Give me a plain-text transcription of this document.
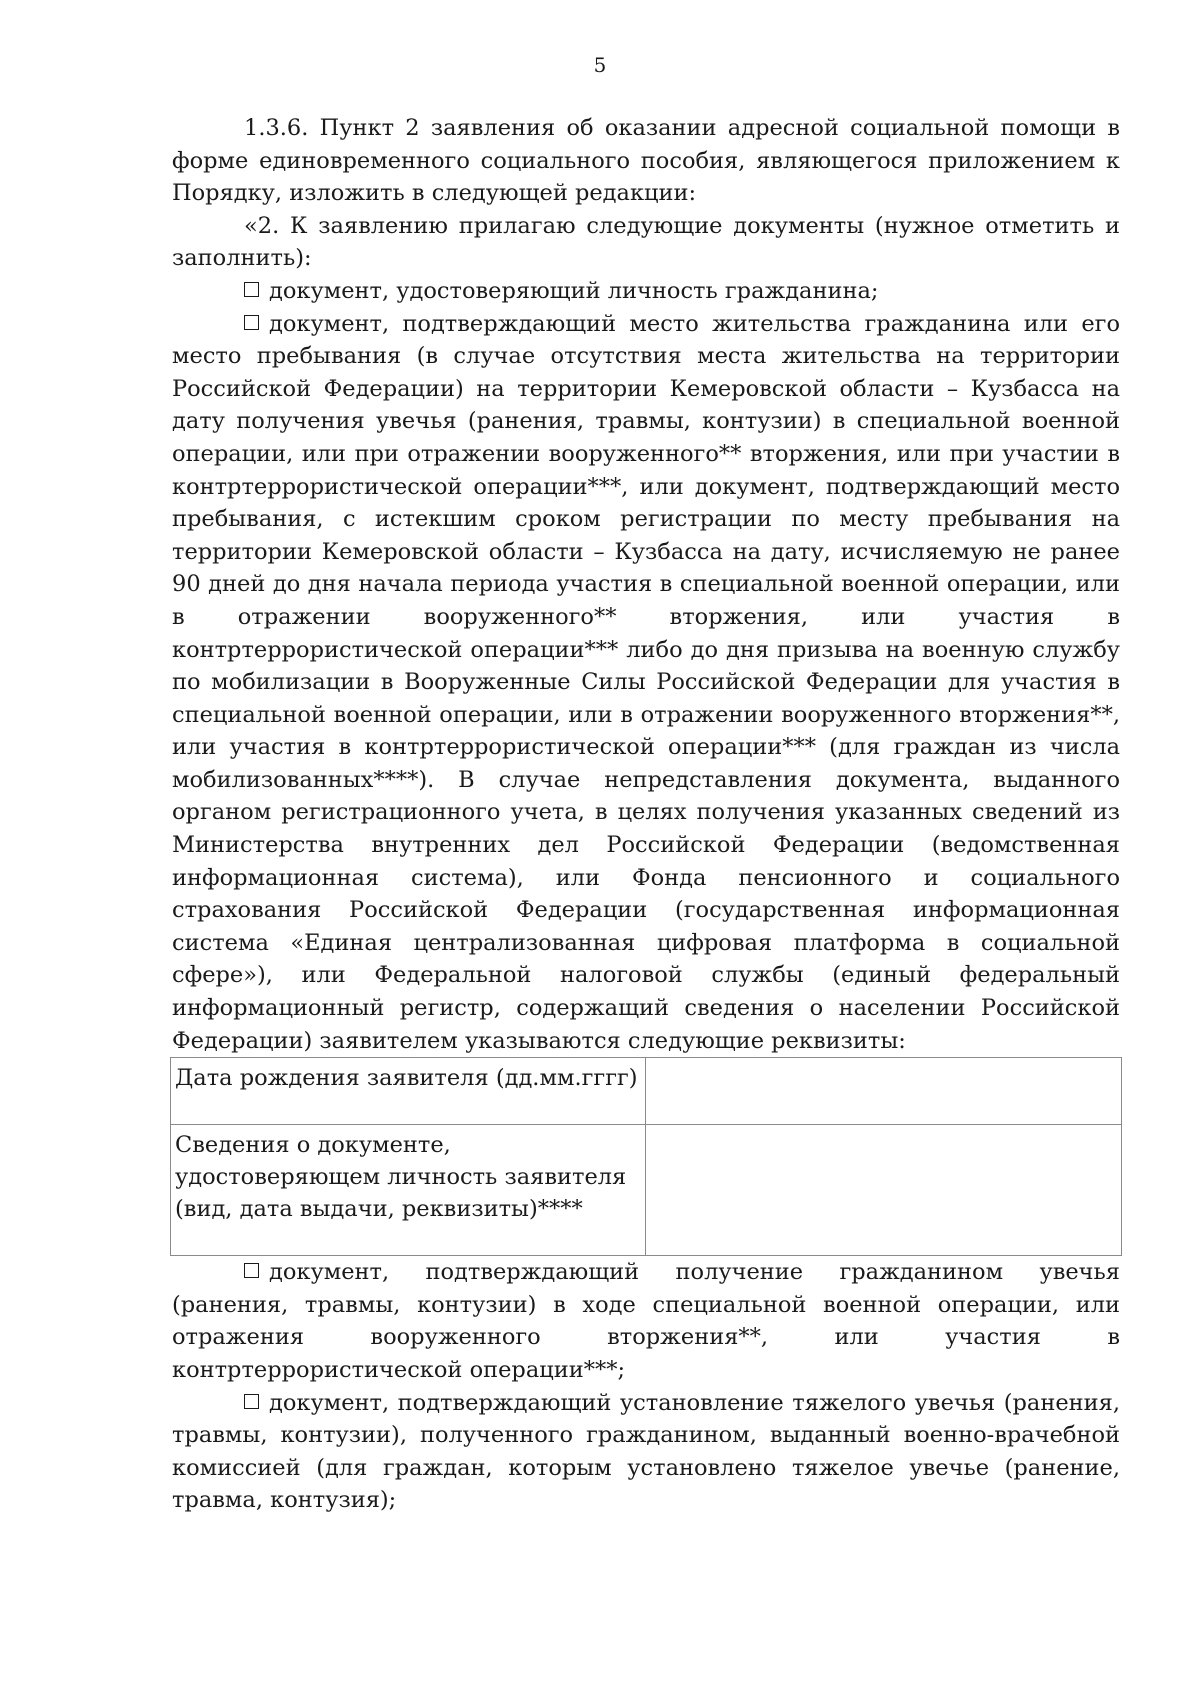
5

1.3.6. Пункт 2 заявления об оказании адресной социальной помощи в форме единовременного социального пособия, являющегося приложением к Порядку, изложить в следующей редакции:

«2. К заявлению прилагаю следующие документы (нужное отметить и заполнить):

документ, удостоверяющий личность гражданина;

документ, подтверждающий место жительства гражданина или его место пребывания (в случае отсутствия места жительства на территории Российской Федерации) на территории Кемеровской области – Кузбасса на дату получения увечья (ранения, травмы, контузии) в специальной военной операции, или при отражении вооруженного** вторжения, или при участии в контртеррористической операции***, или документ, подтверждающий место пребывания, с истекшим сроком регистрации по месту пребывания на территории Кемеровской области – Кузбасса на дату, исчисляемую не ранее 90 дней до дня начала периода участия в специальной военной операции, или в отражении вооруженного** вторжения, или участия в контртеррористической операции*** либо до дня призыва на военную службу по мобилизации в Вооруженные Силы Российской Федерации для участия в специальной военной операции, или в отражении вооруженного вторжения**, или участия в контртеррористической операции*** (для граждан из числа мобилизованных****). В случае непредставления документа, выданного органом регистрационного учета, в целях получения указанных сведений из Министерства внутренних дел Российской Федерации (ведомственная информационная система), или Фонда пенсионного и социального страхования Российской Федерации (государственная информационная система «Единая централизованная цифровая платформа в социальной сфере»), или Федеральной налоговой службы (единый федеральный информационный регистр, содержащий сведения о населении Российской Федерации) заявителем указываются следующие реквизиты:

Дата рождения заявителя (дд.мм.гггг)	
Сведения о документе, удостоверяющем личность заявителя (вид, дата выдачи, реквизиты)****	

документ, подтверждающий получение гражданином увечья (ранения, травмы, контузии) в ходе специальной военной операции, или отражения вооруженного вторжения**, или участия в контртеррористической операции***;

документ, подтверждающий установление тяжелого увечья (ранения, травмы, контузии), полученного гражданином, выданный военно-врачебной комиссией (для граждан, которым установлено тяжелое увечье (ранение, травма, контузия);
